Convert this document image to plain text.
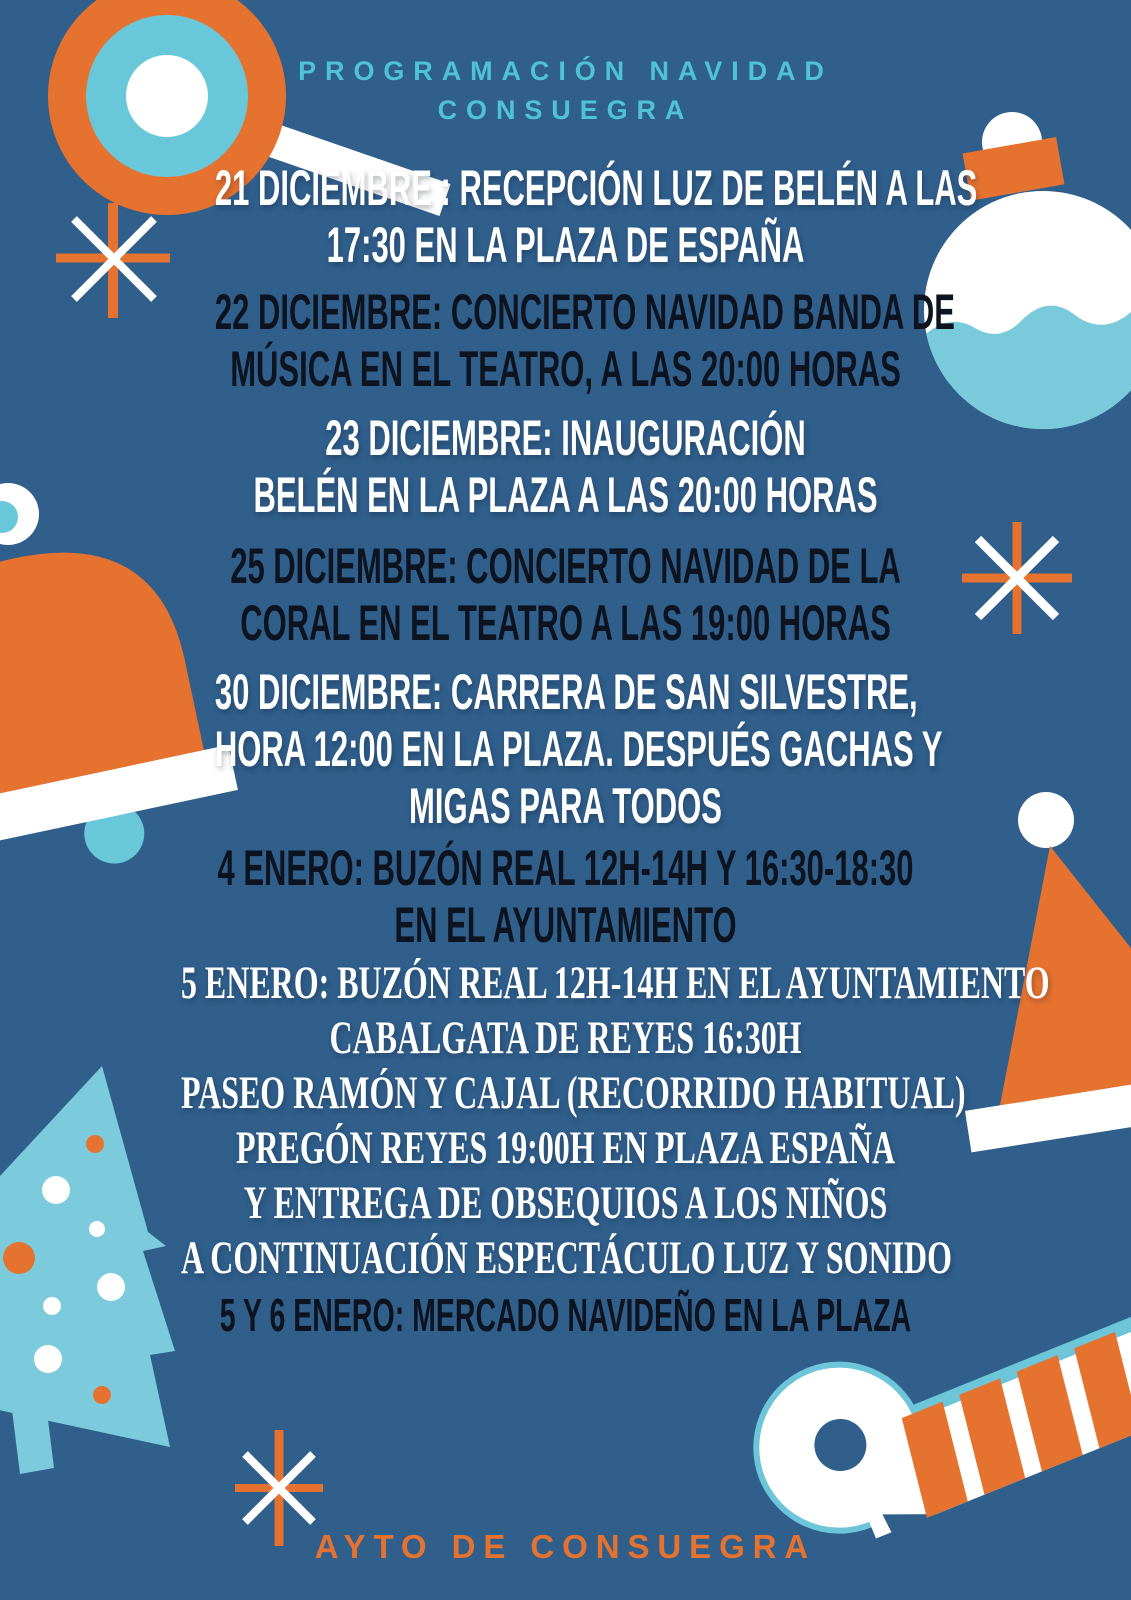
PROGRAMACIÓN NAVIDAD
CONSUEGRA
21 DICIEMBRE : RECEPCIÓN LUZ DE BELÉN A LAS
17:30 EN LA PLAZA DE ESPAÑA
22 DICIEMBRE: CONCIERTO NAVIDAD BANDA DE
MÚSICA EN EL TEATRO, A LAS 20:00 HORAS
23 DICIEMBRE: INAUGURACIÓN
BELÉN EN LA PLAZA A LAS 20:00 HORAS
25 DICIEMBRE: CONCIERTO NAVIDAD DE LA
CORAL EN EL TEATRO A LAS 19:00 HORAS
30 DICIEMBRE: CARRERA DE SAN SILVESTRE,
HORA 12:00 EN LA PLAZA. DESPUÉS GACHAS Y
MIGAS PARA TODOS
4 ENERO: BUZÓN REAL 12H-14H Y 16:30-18:30
EN EL AYUNTAMIENTO
5 ENERO: BUZÓN REAL 12H-14H EN EL AYUNTAMIENTO
CABALGATA DE REYES 16:30H
PASEO RAMÓN Y CAJAL (RECORRIDO HABITUAL)
PREGÓN REYES 19:00H EN PLAZA ESPAÑA
Y ENTREGA DE OBSEQUIOS A LOS NIÑOS
A CONTINUACIÓN ESPECTÁCULO LUZ Y SONIDO
5 Y 6 ENERO: MERCADO NAVIDEÑO EN LA PLAZA
AYTO DE CONSUEGRA
